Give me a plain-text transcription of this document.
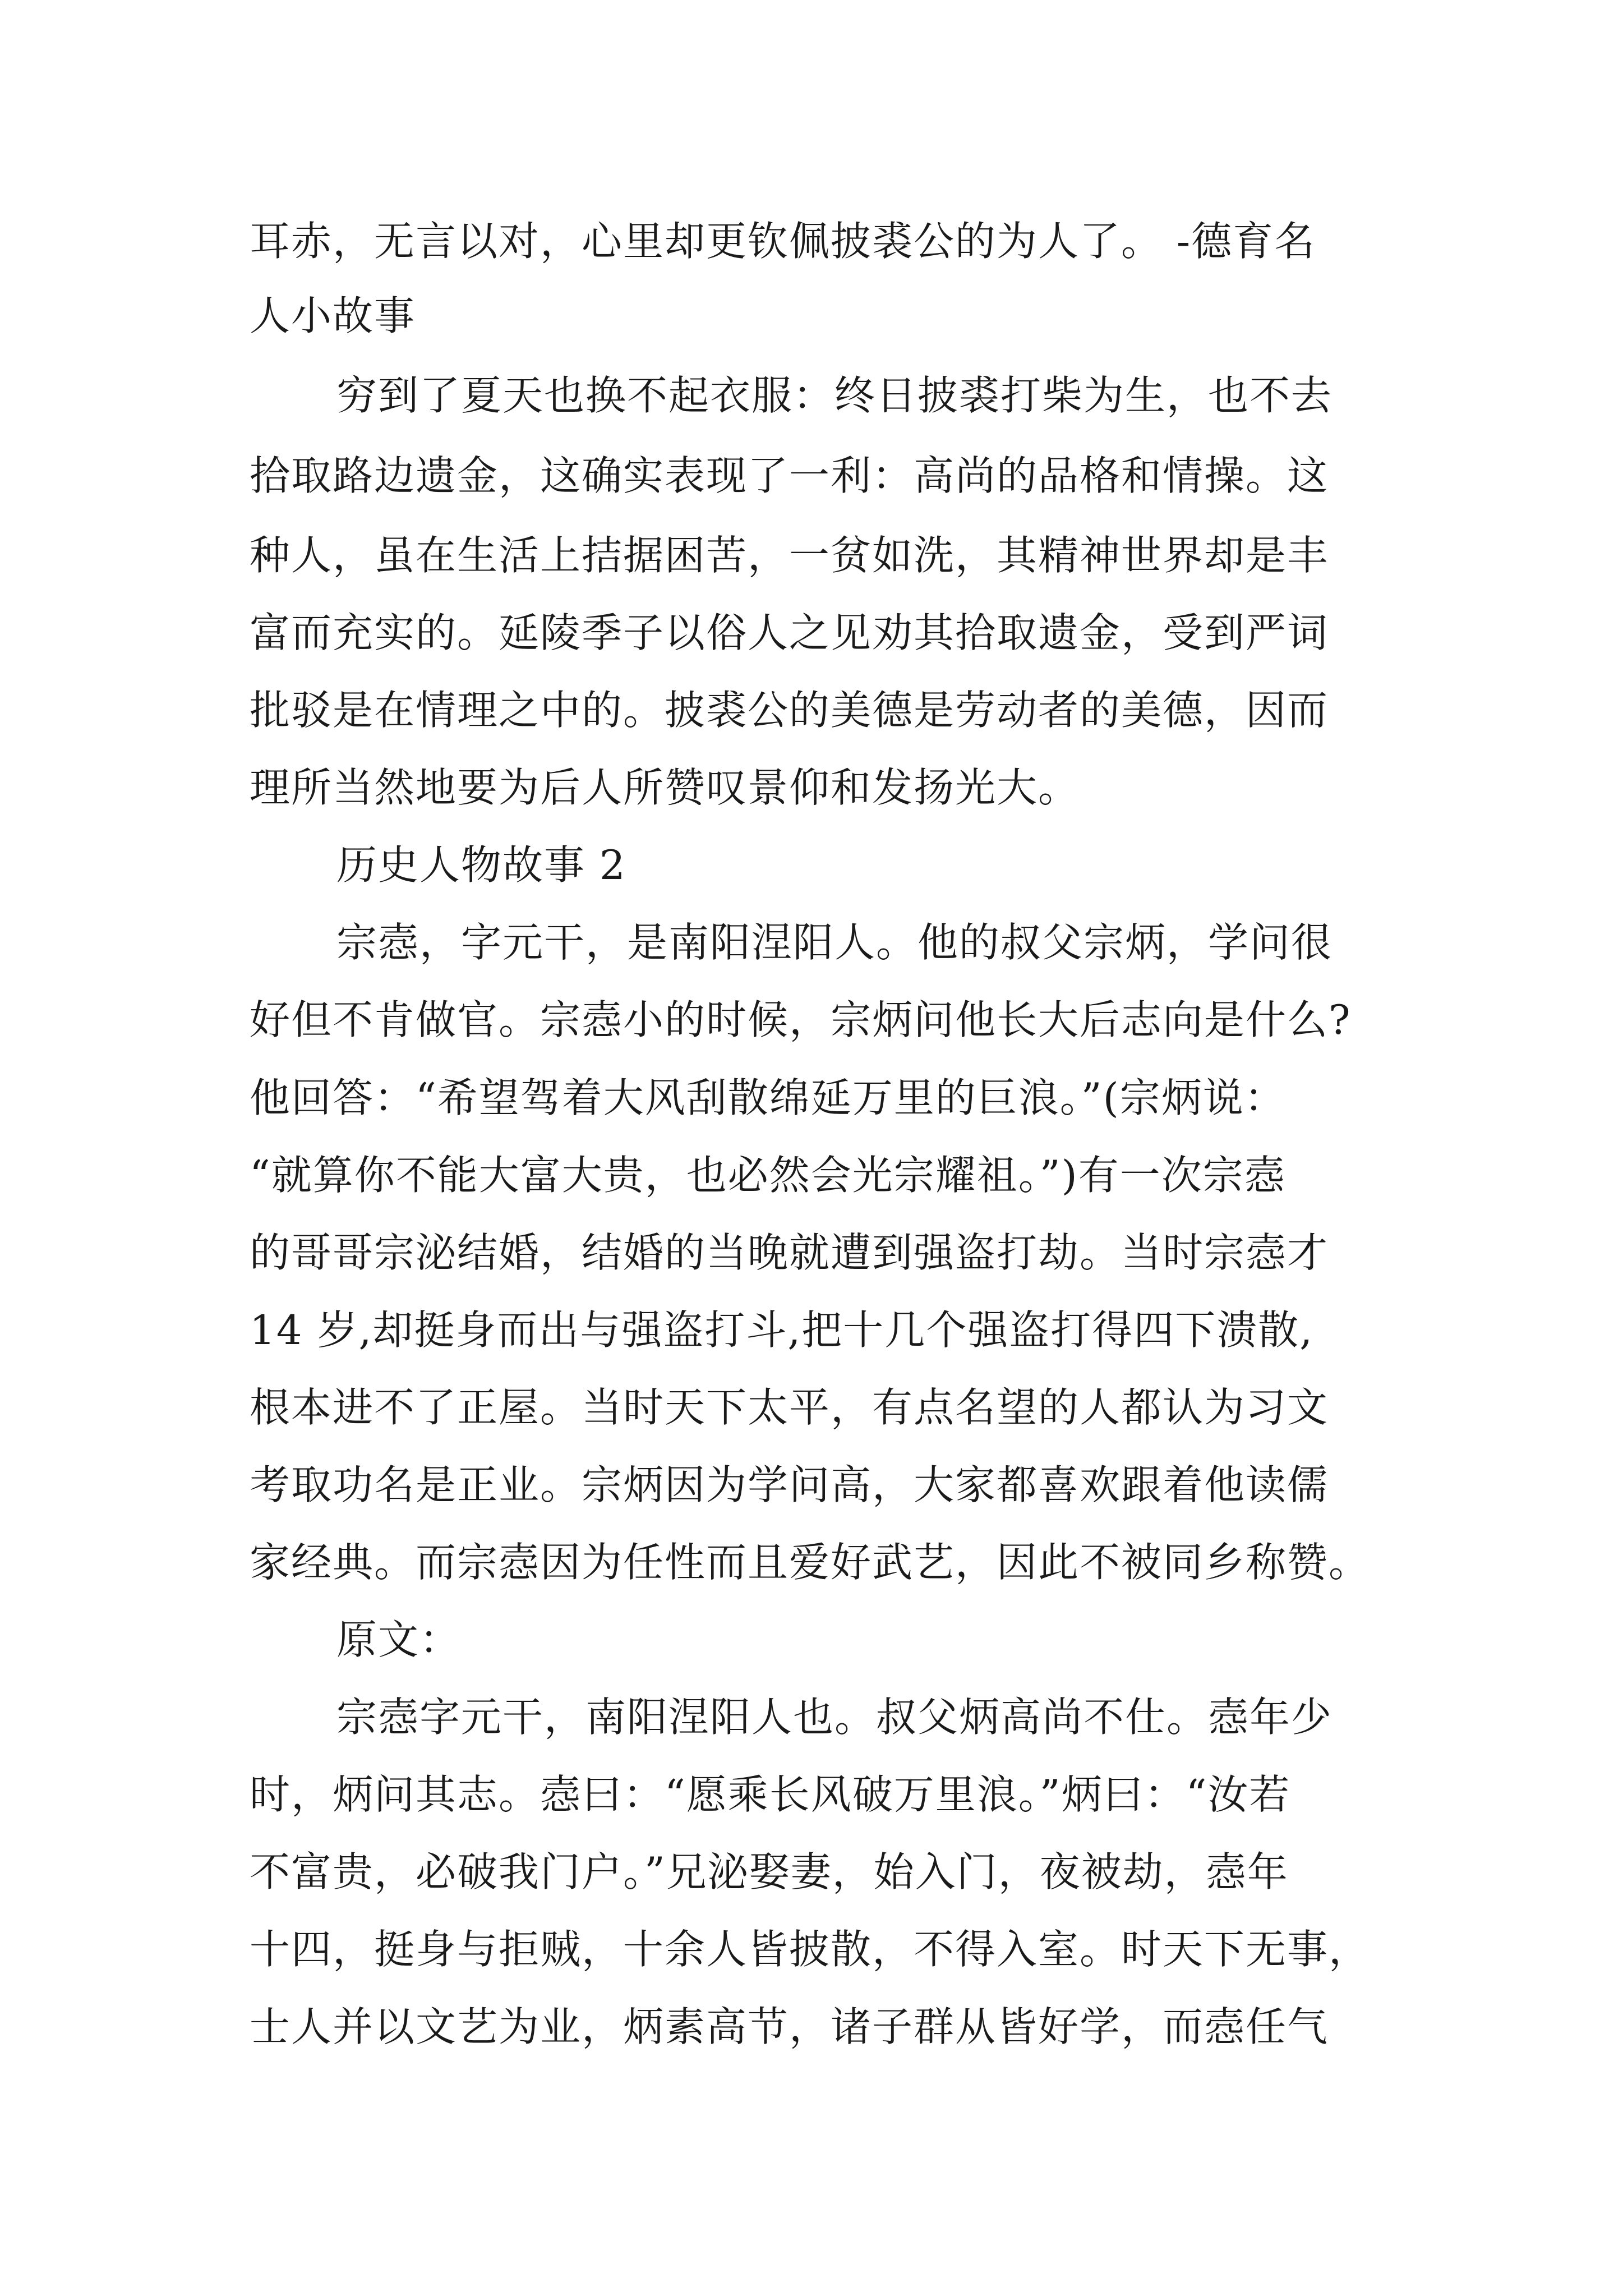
耳赤，无言以对，心里却更钦佩披裘公的为人了。 -德育名
人小故事
穷到了夏天也换不起衣服：终日披裘打柴为生，也不去
拾取路边遗金，这确实表现了一利：高尚的品格和情操。这
种人，虽在生活上拮据困苦，一贫如洗，其精神世界却是丰
富而充实的。延陵季子以俗人之见劝其拾取遗金，受到严词
批驳是在情理之中的。披裘公的美德是劳动者的美德，因而
理所当然地要为后人所赞叹景仰和发扬光大。
历史人物故事 2
宗悫，字元干，是南阳涅阳人。他的叔父宗炳，学问很
好但不肯做官。宗悫小的时候，宗炳问他长大后志向是什么?
他回答：“希望驾着大风刮散绵延万里的巨浪。”(宗炳说：
“就算你不能大富大贵，也必然会光宗耀祖。”)有一次宗悫
的哥哥宗泌结婚，结婚的当晚就遭到强盗打劫。当时宗悫才
14 岁,却挺身而出与强盗打斗,把十几个强盗打得四下溃散,
根本进不了正屋。当时天下太平，有点名望的人都认为习文
考取功名是正业。宗炳因为学问高，大家都喜欢跟着他读儒
家经典。而宗悫因为任性而且爱好武艺，因此不被同乡称赞。
原文：
宗悫字元干，南阳涅阳人也。叔父炳高尚不仕。悫年少
时，炳问其志。悫曰：“愿乘长风破万里浪。”炳曰：“汝若
不富贵，必破我门户。”兄泌娶妻，始入门，夜被劫，悫年
十四，挺身与拒贼，十余人皆披散，不得入室。时天下无事，
士人并以文艺为业，炳素高节，诸子群从皆好学，而悫任气
